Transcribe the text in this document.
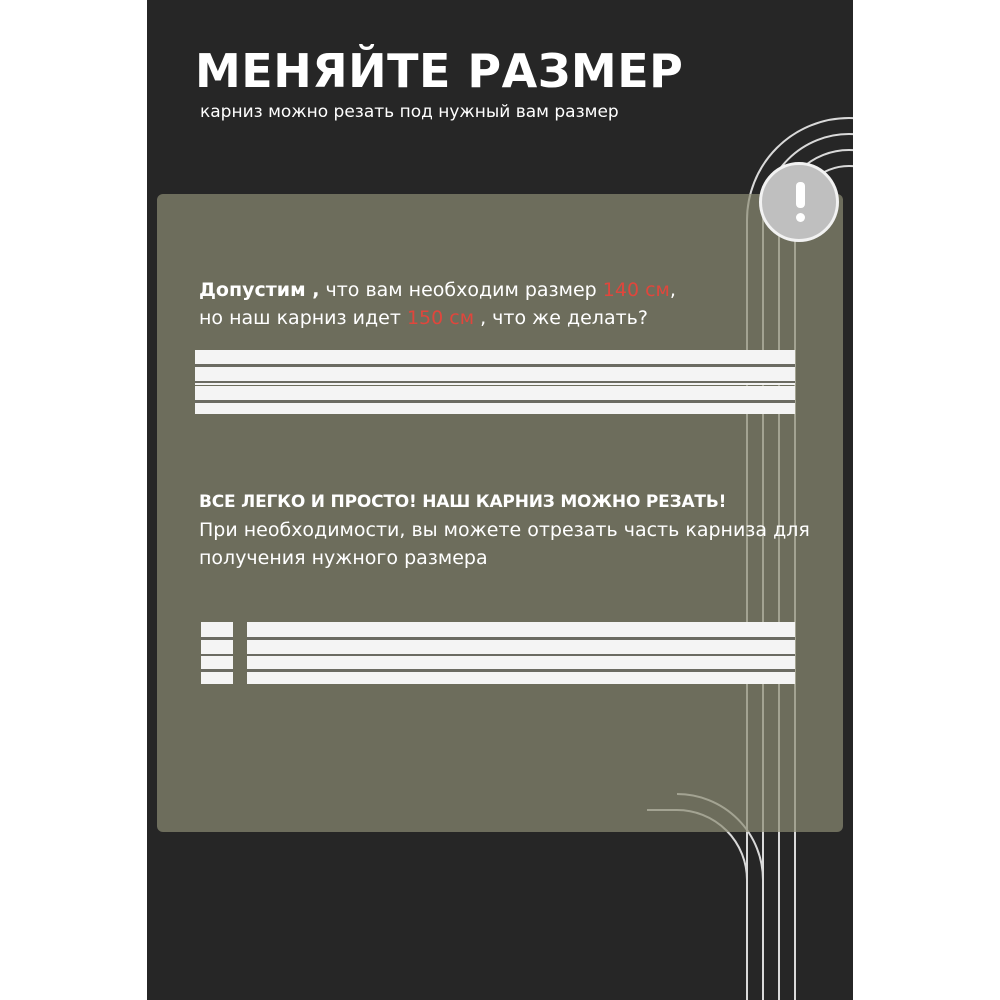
МЕНЯЙТЕ РАЗМЕР
карниз можно резать под нужный вам размер
Допустим , что вам необходим размер 140 см,
но наш карниз идет 150 см , что же делать?
ВСЕ ЛЕГКО И ПРОСТО! НАШ КАРНИЗ МОЖНО РЕЗАТЬ!
При необходимости, вы можете отрезать часть карниза для получения нужного размера
